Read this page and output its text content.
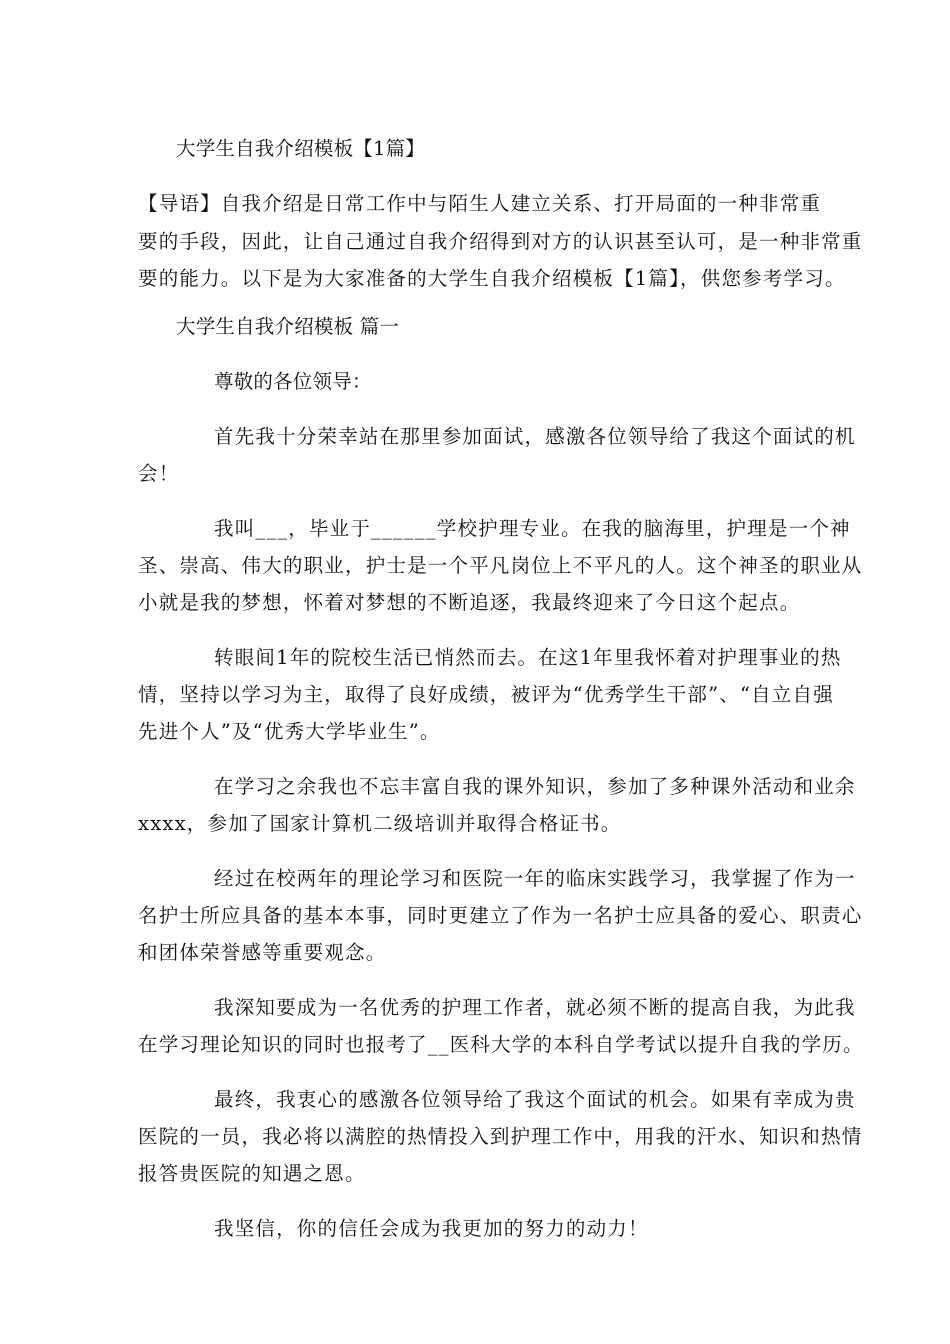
大学生自我介绍模板【1篇】

【导语】自我介绍是日常工作中与陌生人建立关系、打开局面的一种非常重

要的手段，因此，让自己通过自我介绍得到对方的认识甚至认可，是一种非常重

要的能力。以下是为大家准备的大学生自我介绍模板【1篇】，供您参考学习。

大学生自我介绍模板 篇一

尊敬的各位领导：

首先我十分荣幸站在那里参加面试，感激各位领导给了我这个面试的机

会！

我叫___，毕业于______学校护理专业。在我的脑海里，护理是一个神

圣、崇高、伟大的职业，护士是一个平凡岗位上不平凡的人。这个神圣的职业从

小就是我的梦想，怀着对梦想的不断追逐，我最终迎来了今日这个起点。

转眼间1年的院校生活已悄然而去。在这1年里我怀着对护理事业的热

情，坚持以学习为主，取得了良好成绩，被评为“优秀学生干部”、“自立自强

先进个人”及“优秀大学毕业生”。

在学习之余我也不忘丰富自我的课外知识，参加了多种课外活动和业余

xxxx，参加了国家计算机二级培训并取得合格证书。

经过在校两年的理论学习和医院一年的临床实践学习，我掌握了作为一

名护士所应具备的基本本事，同时更建立了作为一名护士应具备的爱心、职责心

和团体荣誉感等重要观念。

我深知要成为一名优秀的护理工作者，就必须不断的提高自我，为此我

在学习理论知识的同时也报考了__医科大学的本科自学考试以提升自我的学历。

最终，我衷心的感激各位领导给了我这个面试的机会。如果有幸成为贵

医院的一员，我必将以满腔的热情投入到护理工作中，用我的汗水、知识和热情

报答贵医院的知遇之恩。

我坚信，你的信任会成为我更加的努力的动力！
